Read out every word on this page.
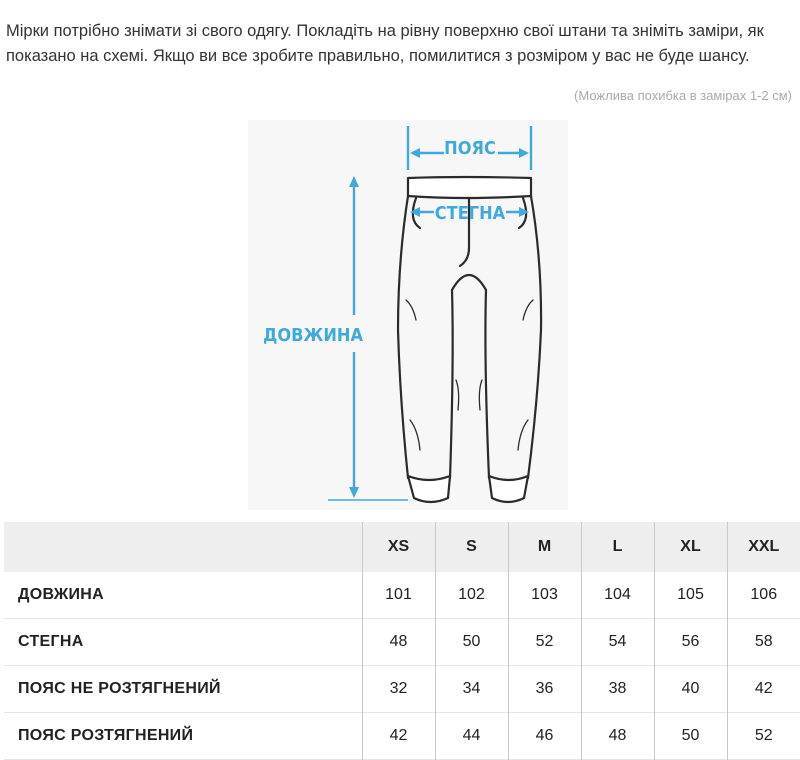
Мірки потрібно знімати зі свого одягу. Покладіть на рівну поверхню свої штани та зніміть заміри, як показано на схемі. Якщо ви все зробите правильно, помилитися з розміром у вас не буде шансу.

(Можлива похибка в замірах 1-2 см)
ПОЯС
СТЕГНА
ДОВЖИНА
	XS	S	M	L	XL	XXL
ДОВЖИНА	101	102	103	104	105	106
СТЕГНА	48	50	52	54	56	58
ПОЯС НЕ РОЗТЯГНЕНИЙ	32	34	36	38	40	42
ПОЯС РОЗТЯГНЕНИЙ	42	44	46	48	50	52
